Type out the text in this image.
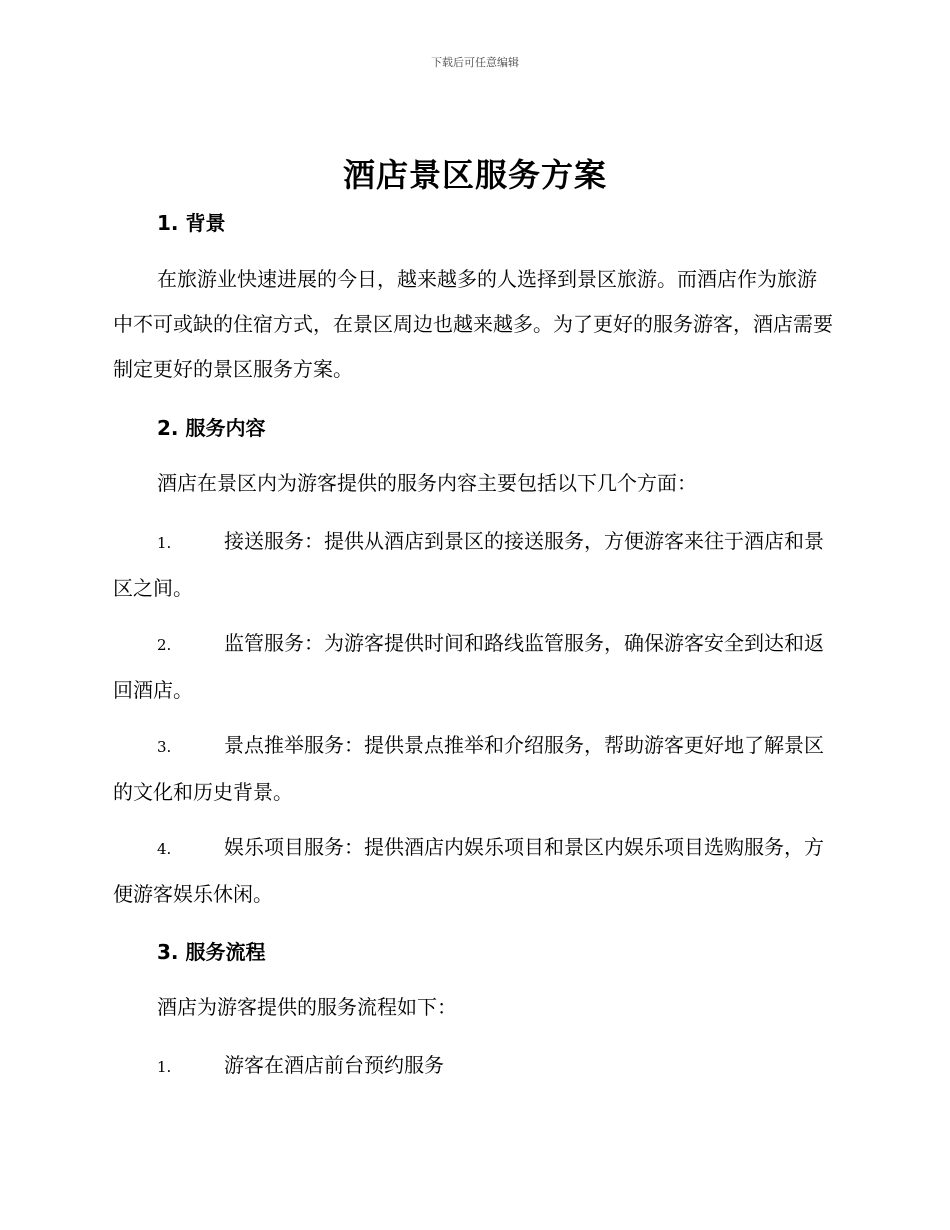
下载后可任意编辑
酒店景区服务方案
1. 背景
在旅游业快速进展的今日，越来越多的人选择到景区旅游。而酒店作为旅游中不可或缺的住宿方式，在景区周边也越来越多。为了更好的服务游客，酒店需要制定更好的景区服务方案。
2. 服务内容
酒店在景区内为游客提供的服务内容主要包括以下几个方面：
1.	接送服务：提供从酒店到景区的接送服务，方便游客来往于酒店和景区之间。
2.	监管服务：为游客提供时间和路线监管服务，确保游客安全到达和返回酒店。
3.	景点推举服务：提供景点推举和介绍服务，帮助游客更好地了解景区的文化和历史背景。
4.	娱乐项目服务：提供酒店内娱乐项目和景区内娱乐项目选购服务，方便游客娱乐休闲。
3. 服务流程
酒店为游客提供的服务流程如下：
1.	游客在酒店前台预约服务
